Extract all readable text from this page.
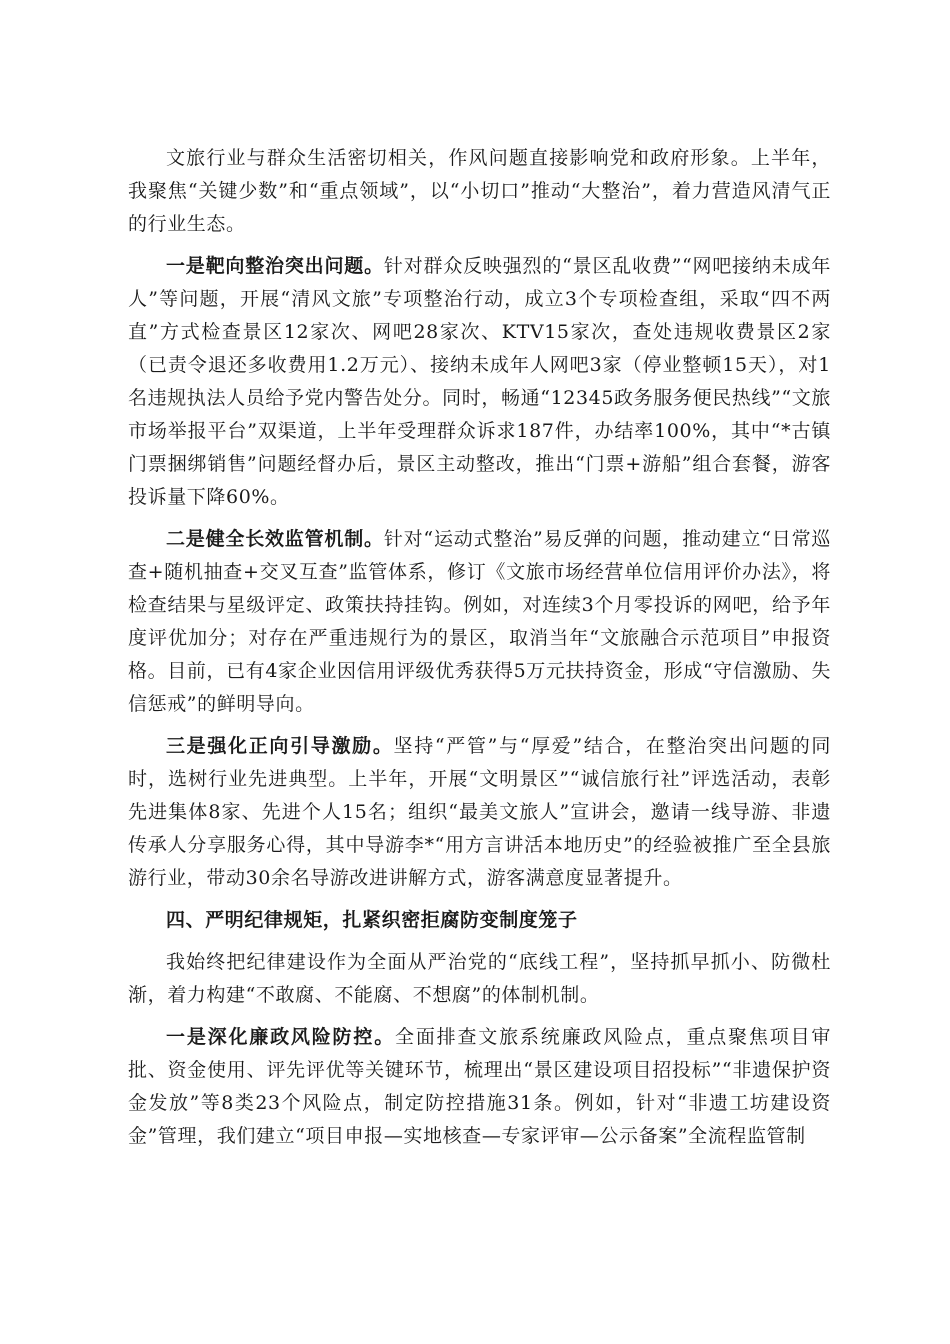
文旅行业与群众生活密切相关，作风问题直接影响党和政府形象。上半年，我聚焦“关键少数”和“重点领域”，以“小切口”推动“大整治”，着力营造风清气正的行业生态。

一是靶向整治突出问题。针对群众反映强烈的“景区乱收费”“网吧接纳未成年人”等问题，开展“清风文旅”专项整治行动，成立3个专项检查组，采取“四不两直”方式检查景区12家次、网吧28家次、KTV15家次，查处违规收费景区2家（已责令退还多收费用1.2万元）、接纳未成年人网吧3家（停业整顿15天），对1名违规执法人员给予党内警告处分。同时，畅通“12345政务服务便民热线”“文旅市场举报平台”双渠道，上半年受理群众诉求187件，办结率100%，其中“*古镇门票捆绑销售”问题经督办后，景区主动整改，推出“门票+游船”组合套餐，游客投诉量下降60%。

二是健全长效监管机制。针对“运动式整治”易反弹的问题，推动建立“日常巡查+随机抽查+交叉互查”监管体系，修订《文旅市场经营单位信用评价办法》，将检查结果与星级评定、政策扶持挂钩。例如，对连续3个月零投诉的网吧，给予年度评优加分；对存在严重违规行为的景区，取消当年“文旅融合示范项目”申报资格。目前，已有4家企业因信用评级优秀获得5万元扶持资金，形成“守信激励、失信惩戒”的鲜明导向。

三是强化正向引导激励。坚持“严管”与“厚爱”结合，在整治突出问题的同时，选树行业先进典型。上半年，开展“文明景区”“诚信旅行社”评选活动，表彰先进集体8家、先进个人15名；组织“最美文旅人”宣讲会，邀请一线导游、非遗传承人分享服务心得，其中导游李*“用方言讲活本地历史”的经验被推广至全县旅游行业，带动30余名导游改进讲解方式，游客满意度显著提升。

四、严明纪律规矩，扎紧织密拒腐防变制度笼子

我始终把纪律建设作为全面从严治党的“底线工程”，坚持抓早抓小、防微杜渐，着力构建“不敢腐、不能腐、不想腐”的体制机制。

一是深化廉政风险防控。全面排查文旅系统廉政风险点，重点聚焦项目审批、资金使用、评先评优等关键环节，梳理出“景区建设项目招投标”“非遗保护资金发放”等8类23个风险点，制定防控措施31条。例如，针对“非遗工坊建设资金”管理，我们建立“项目申报—实地核查—专家评审—公示备案”全流程监管制
